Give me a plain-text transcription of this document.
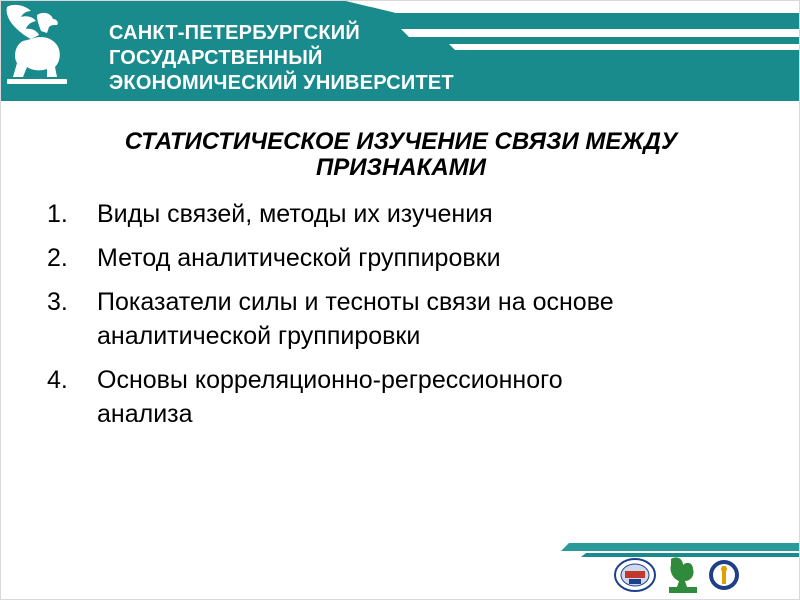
САНКТ-ПЕТЕРБУРГСКИЙ
ГОСУДАРСТВЕННЫЙ
ЭКОНОМИЧЕСКИЙ УНИВЕРСИТЕТ
СТАТИСТИЧЕСКОЕ ИЗУЧЕНИЕ СВЯЗИ МЕЖДУ
ПРИЗНАКАМИ
1.	Виды связей, методы их изучения
2.	Метод аналитической группировки
3.	Показатели силы и тесноты связи на основе
аналитической группировки
4.	Основы корреляционно-регрессионного
анализа
